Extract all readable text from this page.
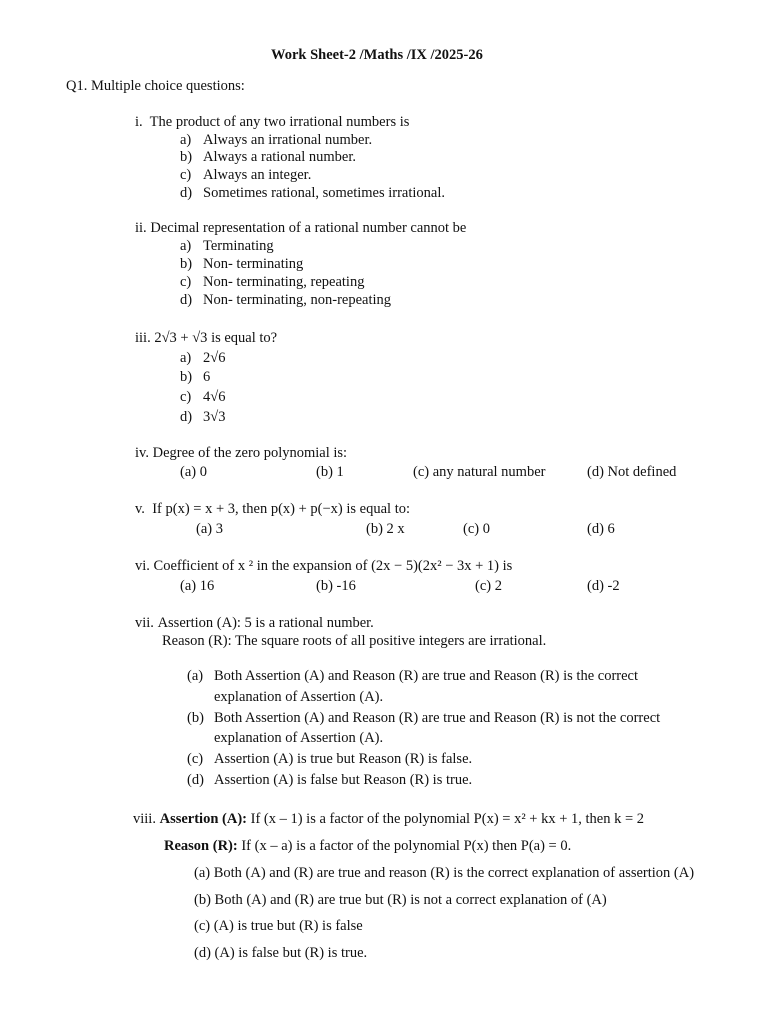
Work Sheet-2 /Maths /IX /2025-26
Q1. Multiple choice questions:
i. The product of any two irrational numbers is
a) Always an irrational number.
b) Always a rational number.
c) Always an integer.
d) Sometimes rational, sometimes irrational.
ii. Decimal representation of a rational number cannot be
a) Terminating
b) Non- terminating
c) Non- terminating, repeating
d) Non- terminating, non-repeating
iii. 2√3 + √3 is equal to?
a) 2√6
b) 6
c) 4√6
d) 3√3
iv. Degree of the zero polynomial is:
(a) 0	(b) 1	(c) any natural number	(d) Not defined
v. If p(x) = x + 3, then p(x) + p(−x) is equal to:
(a) 3	(b) 2 x	(c) 0	(d) 6
vi. Coefficient of x ² in the expansion of (2x − 5)(2x² − 3x + 1) is
(a) 16	(b) -16	(c) 2	(d) -2
vii. Assertion (A): 5 is a rational number.
Reason (R): The square roots of all positive integers are irrational.
(a) Both Assertion (A) and Reason (R) are true and Reason (R) is the correct
explanation of Assertion (A).
(b) Both Assertion (A) and Reason (R) are true and Reason (R) is not the correct
explanation of Assertion (A).
(c) Assertion (A) is true but Reason (R) is false.
(d) Assertion (A) is false but Reason (R) is true.
viii. Assertion (A): If (x – 1) is a factor of the polynomial P(x) = x² + kx + 1, then k = 2
Reason (R): If (x – a) is a factor of the polynomial P(x) then P(a) = 0.
(a) Both (A) and (R) are true and reason (R) is the correct explanation of assertion (A)
(b) Both (A) and (R) are true but (R) is not a correct explanation of (A)
(c) (A) is true but (R) is false
(d) (A) is false but (R) is true.
